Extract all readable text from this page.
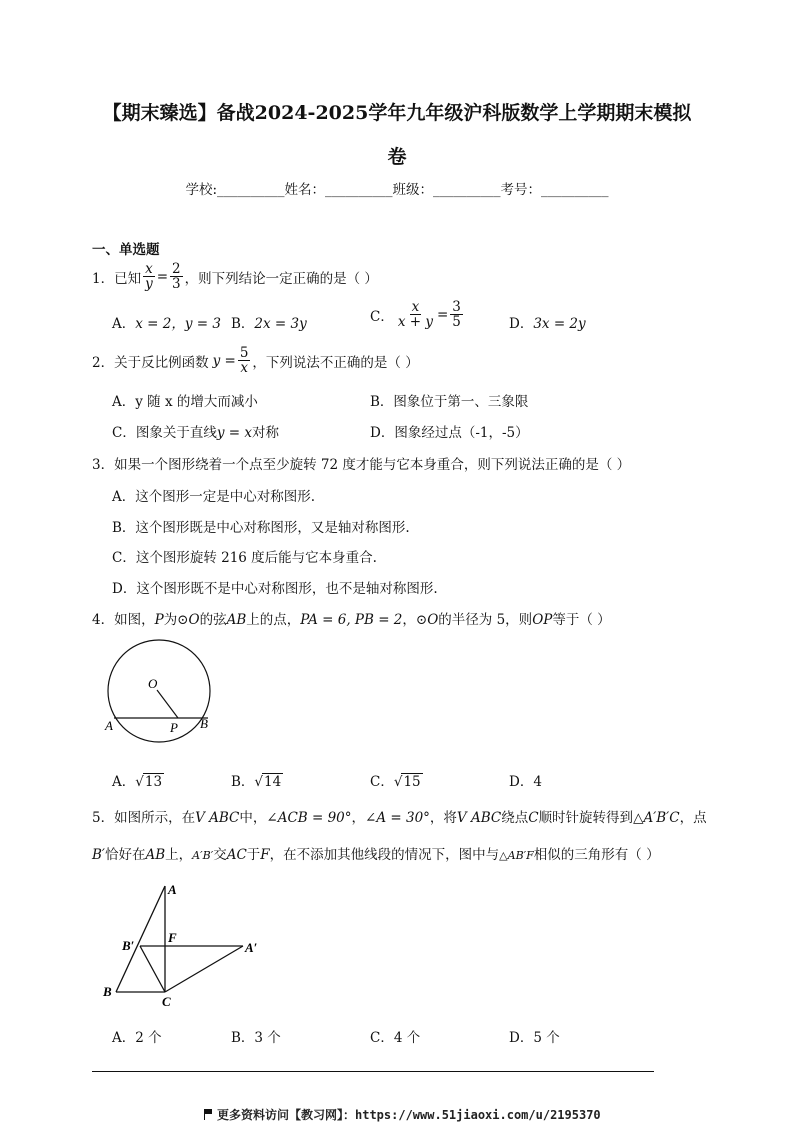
【期末臻选】备战2024-2025学年九年级沪科版数学上学期期末模拟
卷
学校:__________姓名：__________班级：__________考号：__________
一、单选题
1．已知 $\frac{x}{y} = \frac{2}{3}$ ，则下列结论一定正确的是（ ）
A．x = 2，y = 3 B．2x = 3y	C． $\frac{x}{x + y} = \frac{3}{5}$	D．3x = 2y
2．关于反比例函数 $y = \frac{5}{x}$ ，下列说法不正确的是（ ）
A．y 随 x 的增大而减小	B．图象位于第一、三象限
C．图象关于直线y = x对称	D．图象经过点（-1，-5）
3．如果一个图形绕着一个点至少旋转 72 度才能与它本身重合，则下列说法正确的是（ ）
A．这个图形一定是中心对称图形.
B．这个图形既是中心对称图形，又是轴对称图形.
C．这个图形旋转 216 度后能与它本身重合.
D．这个图形既不是中心对称图形，也不是轴对称图形.
4．如图，P为⊙O的弦AB上的点，PA = 6, PB = 2，⊙O的半径为 5，则OP等于（ ）
O
A	P B
A．√13	B．√14	C．√15	D．4
5．如图所示，在V ABC中，∠ACB = 90°，∠A = 30°，将V ABC绕点C顺时针旋转得到△A′B′C，点
B′恰好在AB上，A′B′交AC于F，在不添加其他线段的情况下，图中与△AB′F相似的三角形有（ ）
A
F
B′	A′
B
C
A．2 个	B．3 个	C．4 个	D．5 个
更多资料访问【教习网】：https://www.51jiaoxi.com/u/2195370
